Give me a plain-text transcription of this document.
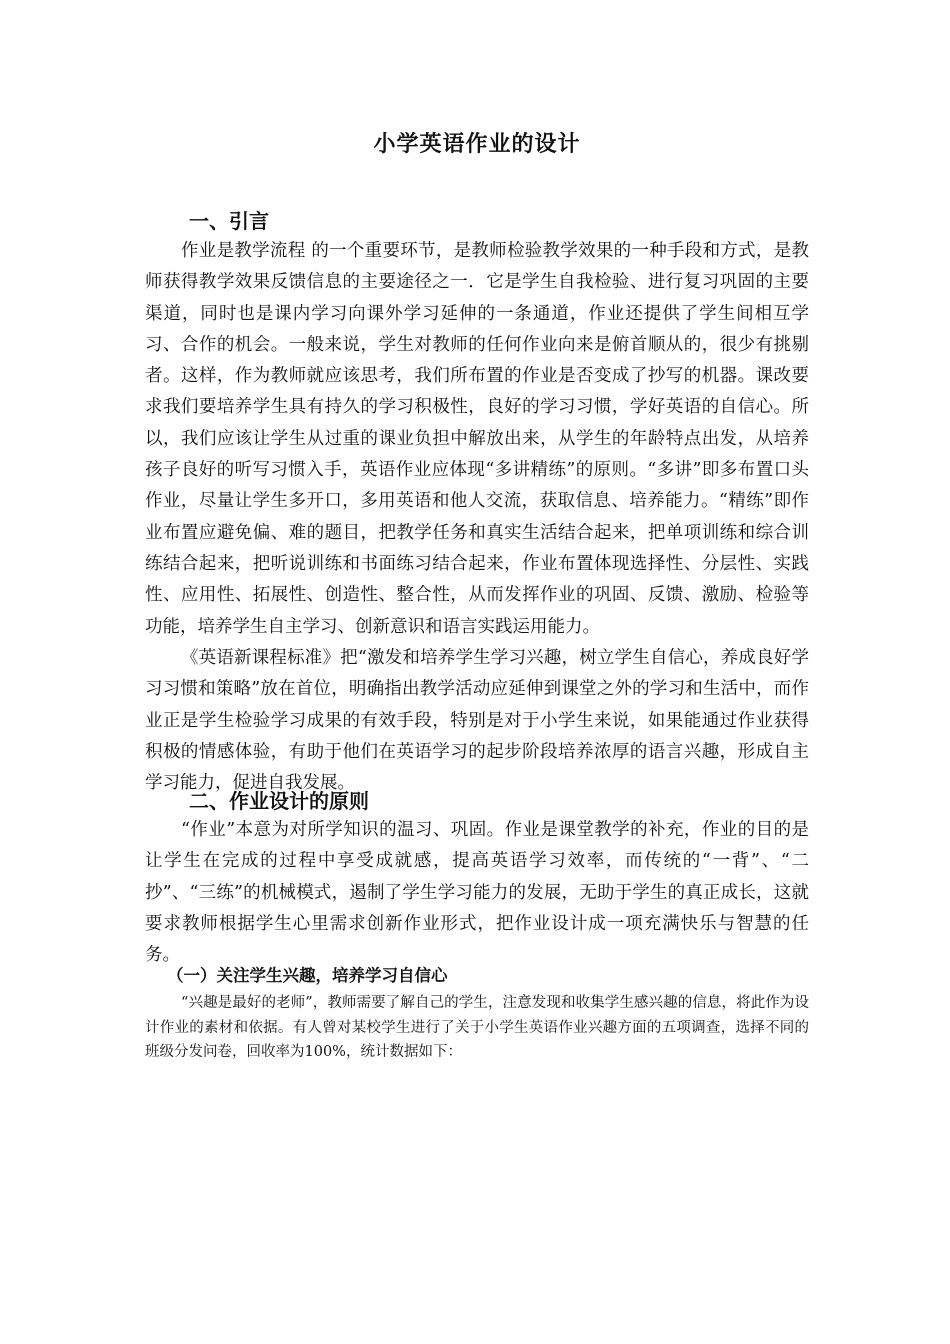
小学英语作业的设计
一、引言

作业是教学流程 的一个重要环节，是教师检验教学效果的一种手段和方式，是教师获得教学效果反馈信息的主要途径之一．它是学生自我检验、进行复习巩固的主要渠道，同时也是课内学习向课外学习延伸的一条通道，作业还提供了学生间相互学习、合作的机会。一般来说，学生对教师的任何作业向来是俯首顺从的，很少有挑剔者。这样，作为教师就应该思考，我们所布置的作业是否变成了抄写的机器。课改要求我们要培养学生具有持久的学习积极性，良好的学习习惯，学好英语的自信心。所以，我们应该让学生从过重的课业负担中解放出来，从学生的年龄特点出发，从培养孩子良好的听写习惯入手，英语作业应体现“多讲精练”的原则。“多讲”即多布置口头作业，尽量让学生多开口，多用英语和他人交流，获取信息、培养能力。“精练”即作业布置应避免偏、难的题目，把教学任务和真实生活结合起来，把单项训练和综合训练结合起来，把听说训练和书面练习结合起来，作业布置体现选择性、分层性、实践性、应用性、拓展性、创造性、整合性，从而发挥作业的巩固、反馈、激励、检验等功能，培养学生自主学习、创新意识和语言实践运用能力。

《英语新课程标准》把“激发和培养学生学习兴趣，树立学生自信心，养成良好学习习惯和策略”放在首位，明确指出教学活动应延伸到课堂之外的学习和生活中，而作业正是学生检验学习成果的有效手段，特别是对于小学生来说，如果能通过作业获得积极的情感体验，有助于他们在英语学习的起步阶段培养浓厚的语言兴趣，形成自主学习能力，促进自我发展。

二、作业设计的原则

“作业”本意为对所学知识的温习、巩固。作业是课堂教学的补充，作业的目的是让学生在完成的过程中享受成就感，提高英语学习效率，而传统的“一背”、“二抄”、“三练”的机械模式，遏制了学生学习能力的发展，无助于学生的真正成长，这就要求教师根据学生心里需求创新作业形式，把作业设计成一项充满快乐与智慧的任务。

（一）关注学生兴趣，培养学习自信心

“兴趣是最好的老师”，教师需要了解自己的学生，注意发现和收集学生感兴趣的信息，将此作为设计作业的素材和依据。有人曾对某校学生进行了关于小学生英语作业兴趣方面的五项调查，选择不同的班级分发问卷，回收率为100%，统计数据如下：
